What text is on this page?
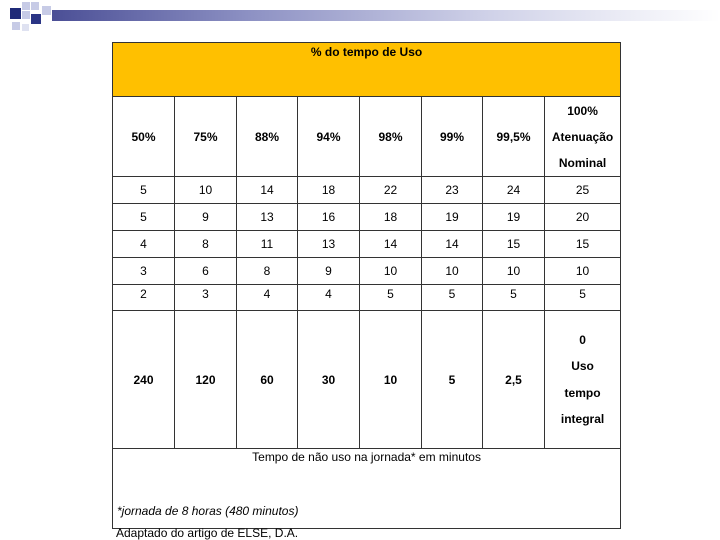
% do tempo de Uso							
50%	75%	88%	94%	98%	99%	99,5%	100%
Atenuação
Nominal

5	10	14	18	22	23	24	25
5	9	13	16	18	19	19	20
4	8	11	13	14	14	15	15
3	6	8	9	10	10	10	10
2	3	4	4	5	5	5	5
240	120	60	30	10	5	2,5	0
Uso
tempo
integral

Tempo de não uso na jornada* em minutos
*jornada de 8 horas (480 minutos)							
Adaptado do artigo de ELSE, D.A.
